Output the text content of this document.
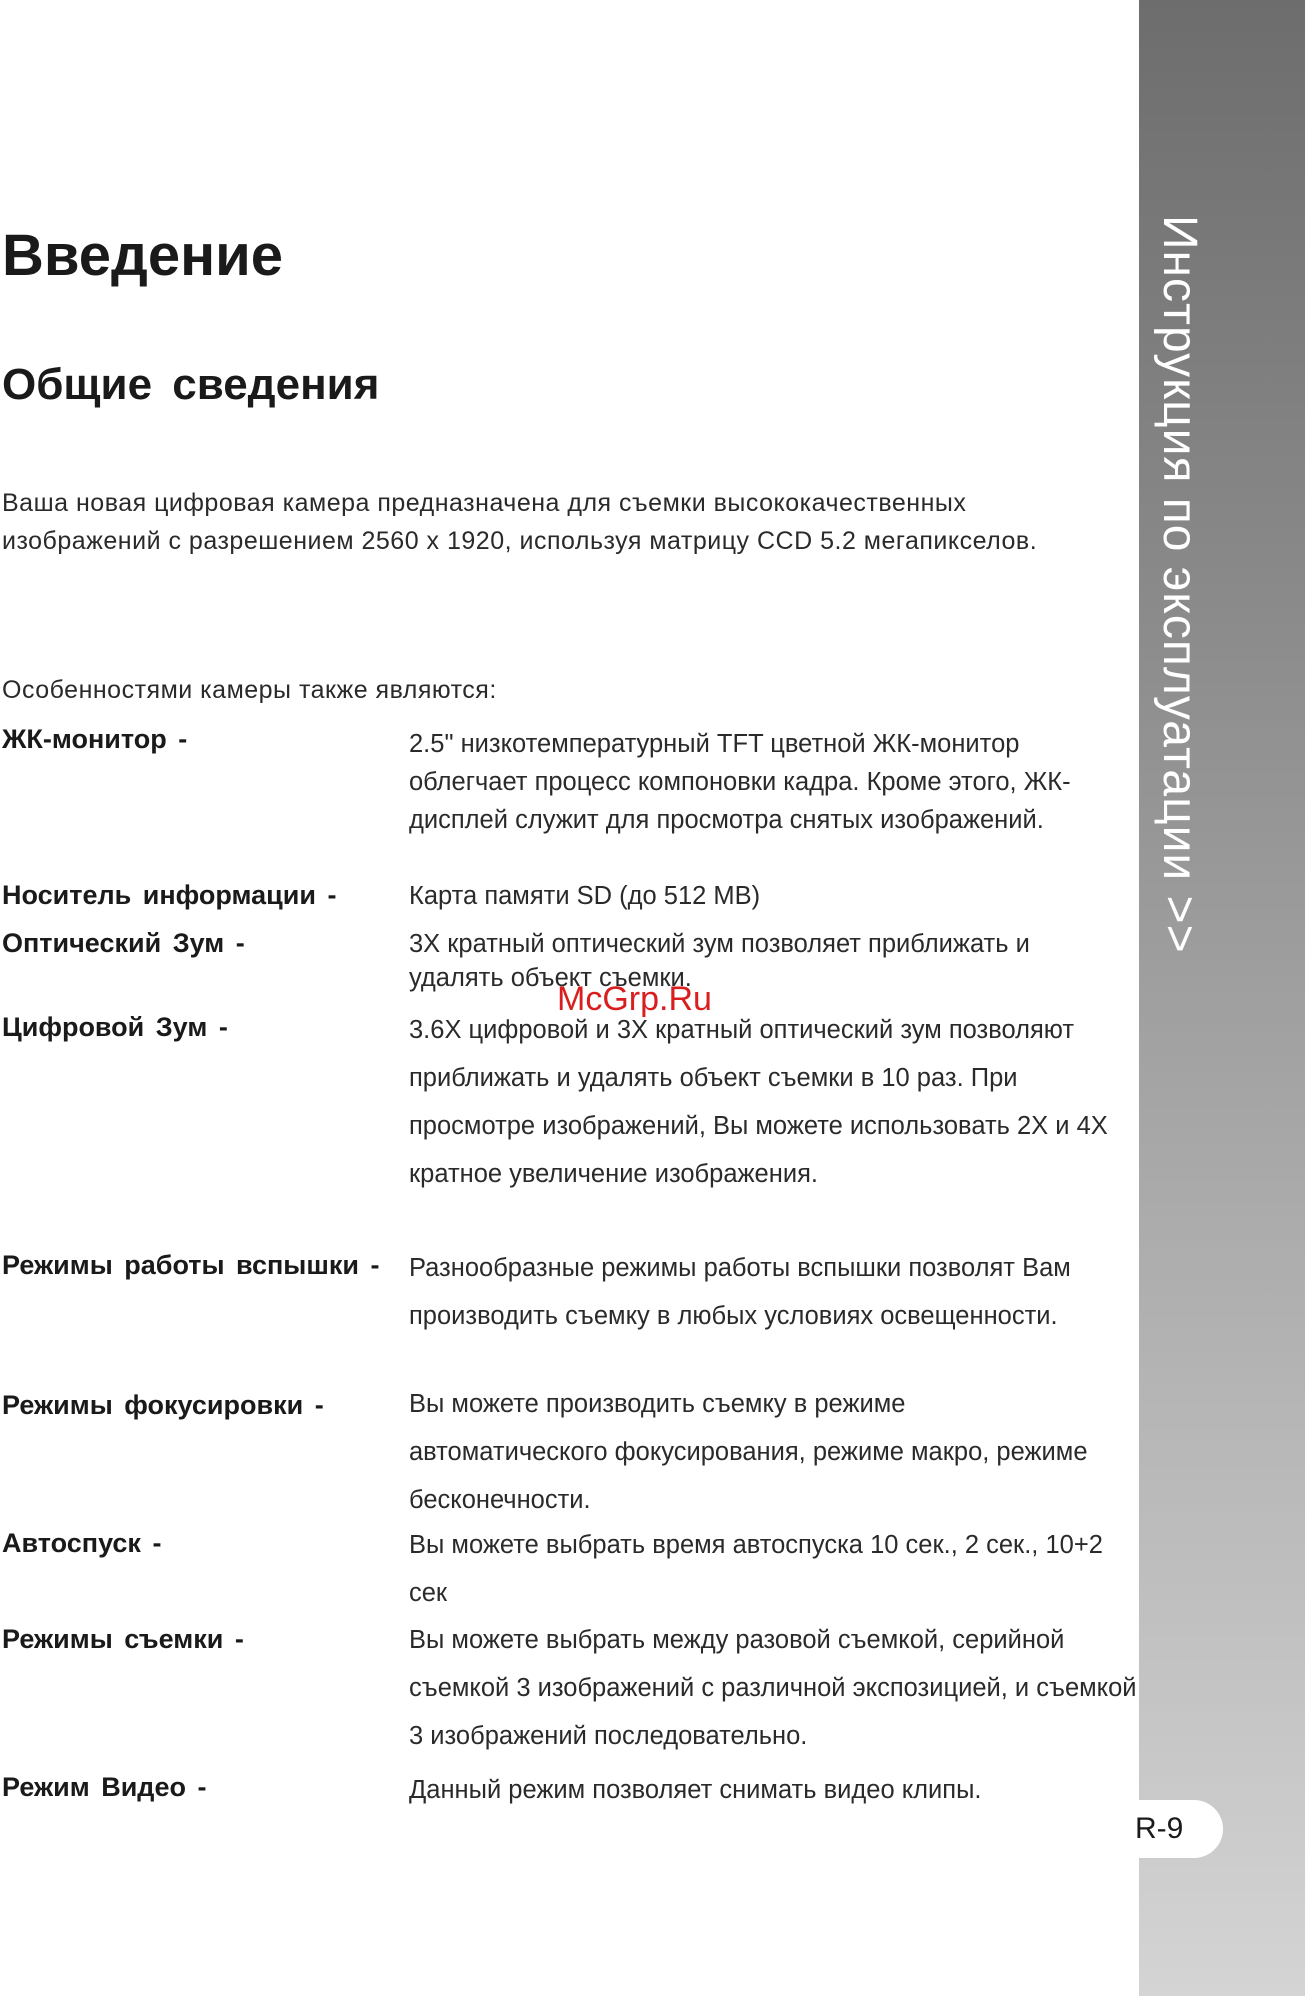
Инструкция по эксплуатации >>
R-9
Введение
Общие сведения
Ваша новая цифровая камера предназначена для съемки высококачественных изображений с разрешением 2560 x 1920, используя матрицу CCD 5.2 мегапикселов.
Особенностями камеры также являются:
ЖК-монитор -	2.5" низкотемпературный TFT цветной ЖК-монитор облегчает процесс компоновки кадра. Кроме этого, ЖК-дисплей служит для просмотра снятых изображений.
Носитель информации -	Карта памяти SD (до 512 MB)
Оптический Зум -	3X кратный оптический зум позволяет приближать и удалять объект съемки.
Цифровой Зум -	3.6X цифровой и 3X кратный оптический зум позволяют приближать и удалять объект съемки в 10 раз. При просмотре изображений, Вы можете использовать 2X и 4X кратное увеличение изображения.
Режимы работы вспышки - Разнообразные режимы работы вспышки позволят Вам производить съемку в любых условиях освещенности.
Режимы фокусировки -	Вы можете производить съемку в режиме автоматического фокусирования, режиме макро, режиме бесконечности.
Автоспуск -	Вы можете выбрать время автоспуска 10 сек., 2 сек., 10+2 сек
Режимы съемки -	Вы можете выбрать между разовой съемкой, серийной съемкой 3 изображений с различной экспозицией, и съемкой 3 изображений последовательно.
Режим Видео -	Данный режим позволяет снимать видео клипы.
McGrp.Ru
